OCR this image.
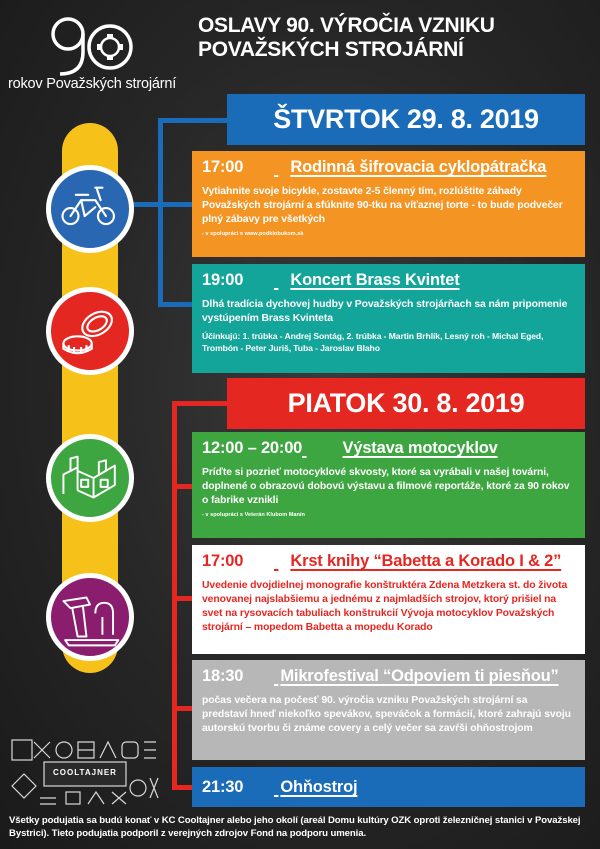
rokov Považských strojární
OSLAVY 90. VÝROČIA VZNIKU
POVAŽSKÝCH STROJÁRNÍ
ŠTVRTOK 29. 8. 2019
PIATOK 30. 8. 2019
17:00	Rodinná šifrovacia cyklopátračka
Vytiahnite svoje bicykle, zostavte 2-5 členný tím, rozlúštite záhady Považských strojární a sfúknite 90-tku na víťaznej torte - to bude podvečer plný zábavy pre všetkých
- v spolupráci s www.podklobukom.sk
19:00	Koncert Brass Kvintet
Dlhá tradícia dychovej hudby v Považských strojárňach sa nám pripomenie vystúpením Brass Kvinteta
Účinkujú: 1. trúbka - Andrej Sontág, 2. trúbka - Martin Brhlík, Lesný roh - Michal Eged, Trombón - Peter Juriš, Tuba - Jaroslav Blaho
12:00 – 20:00 Výstava motocyklov
Príďte si pozrieť motocyklové skvosty, ktoré sa vyrábali v našej továrni, doplnené o obrazovú dobovú výstavu a filmové reportáže, ktoré za 90 rokov o fabrike vznikli
- v spolupráci s Veterán Klubom Manín
17:00	Krst knihy “Babetta a Korado I & 2”
Uvedenie dvojdielnej monografie konštruktéra Zdena Metzkera st. do života venovanej najslabšiemu a jednému z najmladších strojov, ktorý prišiel na svet na rysovacích tabuliach konštrukcií Vývoja motocyklov Považských strojární – mopedom Babetta a mopedu Korado
18:30 Mikrofestival “Odpoviem ti piesňou”
počas večera na počesť 90. výročia vzniku Považských strojární sa predstaví hneď niekoľko spevákov, speváčok a formácií, ktoré zahrajú svoju autorskú tvorbu či známe covery a celý večer sa zavŕši ohňostrojom
21:30 Ohňostroj
COOLTAJNER
Všetky podujatia sa budú konať v KC Cooltajner alebo jeho okolí (areál Domu kultúry OZK oproti železničnej stanici v Považskej Bystrici). Tieto podujatia podporil z verejných zdrojov Fond na podporu umenia.
